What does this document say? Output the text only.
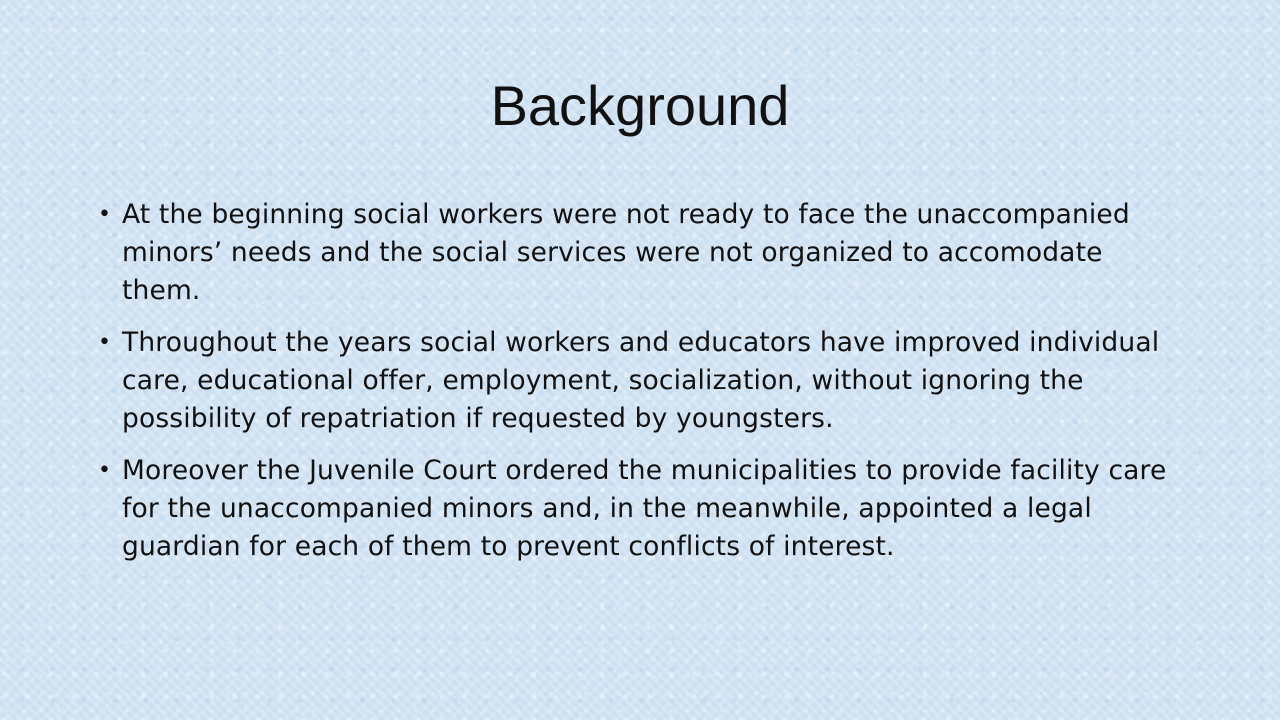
Background
• At the beginning social workers were not ready to face the unaccompanied minors’ needs and the social services were not organized to accomodate them.
• Throughout the years social workers and educators have improved individual care, educational offer, employment, socialization, without ignoring the possibility of repatriation if requested by youngsters.
• Moreover the Juvenile Court ordered the municipalities to provide facility care for the unaccompanied minors and, in the meanwhile, appointed a legal guardian for each of them to prevent conflicts of interest.
